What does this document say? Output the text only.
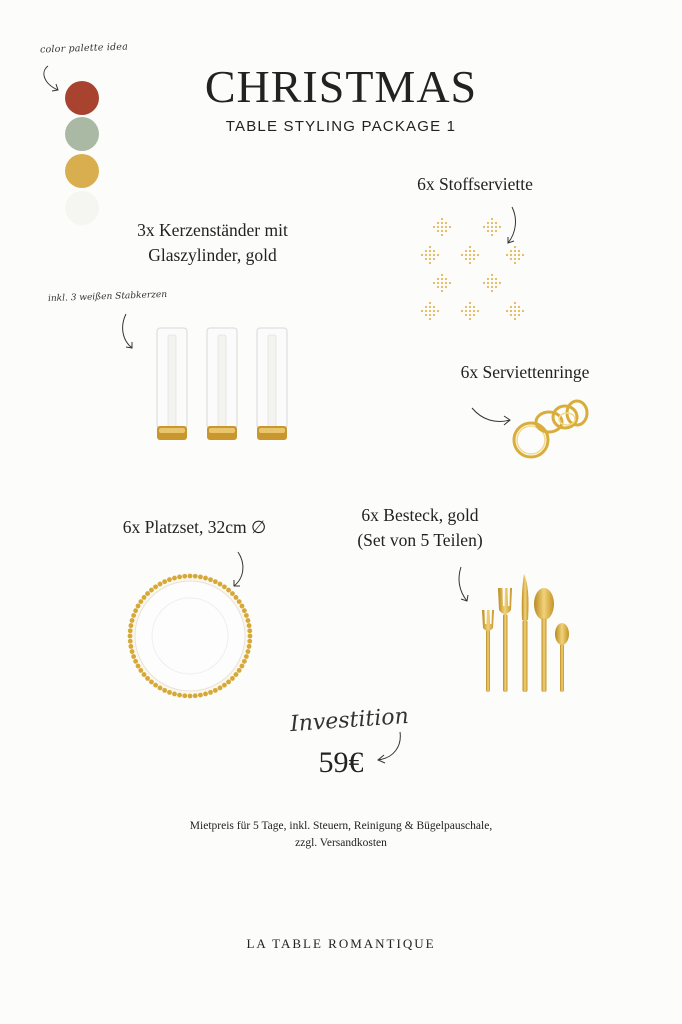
color palette idea
CHRISTMAS
TABLE STYLING PACKAGE 1
6x Stoffserviette
3x Kerzenständer mit
Glaszylinder, gold
inkl. 3 weißen Stabkerzen
6x Serviettenringe
6x Platzset, 32cm ∅
6x Besteck, gold
(Set von 5 Teilen)
Investition
59€
Mietpreis für 5 Tage, inkl. Steuern, Reinigung & Bügelpauschale,
zzgl. Versandkosten
LA TABLE ROMANTIQUE
